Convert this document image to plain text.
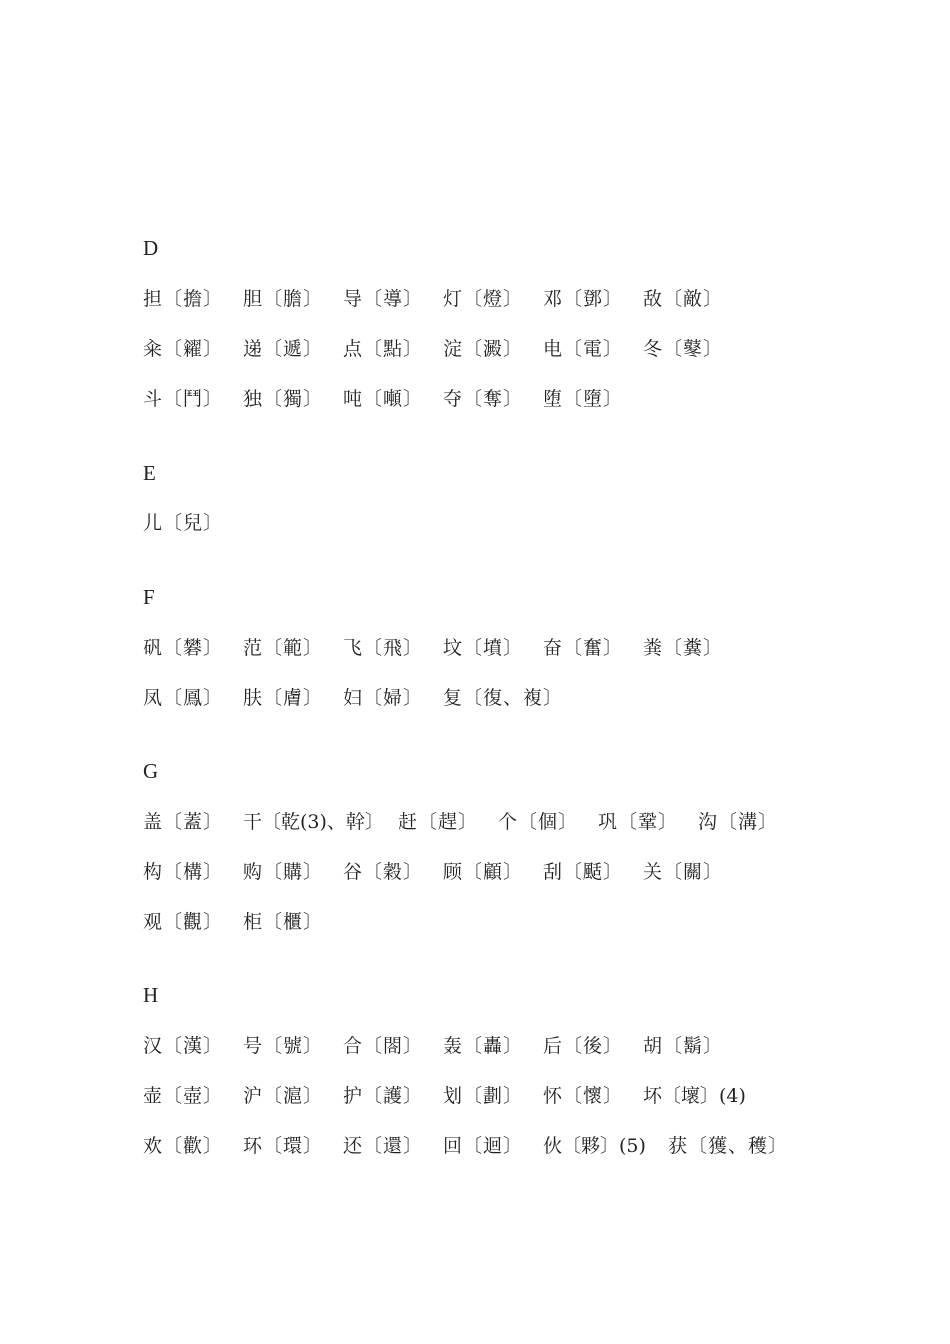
D
担〔擔〕 胆〔膽〕 导〔導〕 灯〔燈〕 邓〔鄧〕 敌〔敵〕
籴〔糴〕 递〔遞〕 点〔點〕 淀〔澱〕 电〔電〕 冬〔鼕〕
斗〔鬥〕 独〔獨〕 吨〔噸〕 夺〔奪〕 堕〔墮〕
E
儿〔兒〕
F
矾〔礬〕 范〔範〕 飞〔飛〕 坟〔墳〕 奋〔奮〕 粪〔糞〕
凤〔鳳〕 肤〔膚〕 妇〔婦〕 复〔復、複〕
G
盖〔蓋〕 干〔乾(3)、幹〕 赶〔趕〕 个〔個〕 巩〔鞏〕 沟〔溝〕
构〔構〕 购〔購〕 谷〔穀〕 顾〔顧〕 刮〔颳〕 关〔關〕
观〔觀〕 柜〔櫃〕
H
汉〔漢〕 号〔號〕 合〔閤〕 轰〔轟〕 后〔後〕 胡〔鬍〕
壶〔壺〕 沪〔滬〕 护〔護〕 划〔劃〕 怀〔懷〕 坏〔壞〕(4)
欢〔歡〕 环〔環〕 还〔還〕 回〔迴〕 伙〔夥〕(5) 获〔獲、穫〕
